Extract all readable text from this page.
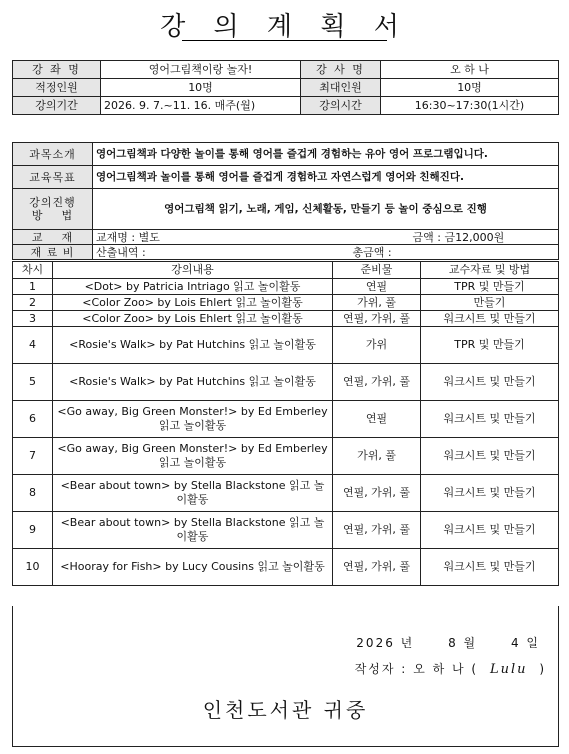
강 의 계 획 서
강 좌 명	영어그림책이랑 놀자!	강 사 명	오 하 나
적정인원	10명	최대인원	10명
강의기간	2026. 9. 7.~11. 16. 매주(월)	강의시간	16:30~17:30(1시간)
과목소개	영어그림책과 다양한 놀이를 통해 영어를 즐겁게 경험하는 유아 영어 프로그램입니다.	
교육목표	영어그림책과 놀이를 통해 영어를 즐겁게 경험하고 자연스럽게 영어와 친해진다.	

강의진행
방    법	영어그림책 읽기, 노래, 게임, 신체활동, 만들기 등 놀이 중심으로 진행	
교    재	교재명 : 별도	금액 : 금12,000원
재 료 비	산출내역 :	총금액 :
차시	강의내용	준비물	교수자료 및 방법
1	<Dot> by Patricia Intriago 읽고 놀이활동	연필	TPR 및 만들기
2	<Color Zoo> by Lois Ehlert 읽고 놀이활동	가위, 풀	만들기
3	<Color Zoo> by Lois Ehlert 읽고 놀이활동	연필, 가위, 풀	워크시트 및 만들기
4	<Rosie's Walk> by Pat Hutchins 읽고 놀이활동	가위	TPR 및 만들기
5	<Rosie's Walk> by Pat Hutchins 읽고 놀이활동	연필, 가위, 풀	워크시트 및 만들기
6	<Go away, Big Green Monster!> by Ed Emberley 읽고 놀이활동	연필	워크시트 및 만들기
7	<Go away, Big Green Monster!> by Ed Emberley 읽고 놀이활동	가위, 풀	워크시트 및 만들기
8	<Bear about town> by Stella Blackstone 읽고 놀이활동	연필, 가위, 풀	워크시트 및 만들기
9	<Bear about town> by Stella Blackstone 읽고 놀이활동	연필, 가위, 풀	워크시트 및 만들기
10	<Hooray for Fish> by Lucy Cousins 읽고 놀이활동	연필, 가위, 풀	워크시트 및 만들기
2026 년	8 월	4 일
작성자 : 오 하 나 ( Lulu )
인천도서관 귀중
